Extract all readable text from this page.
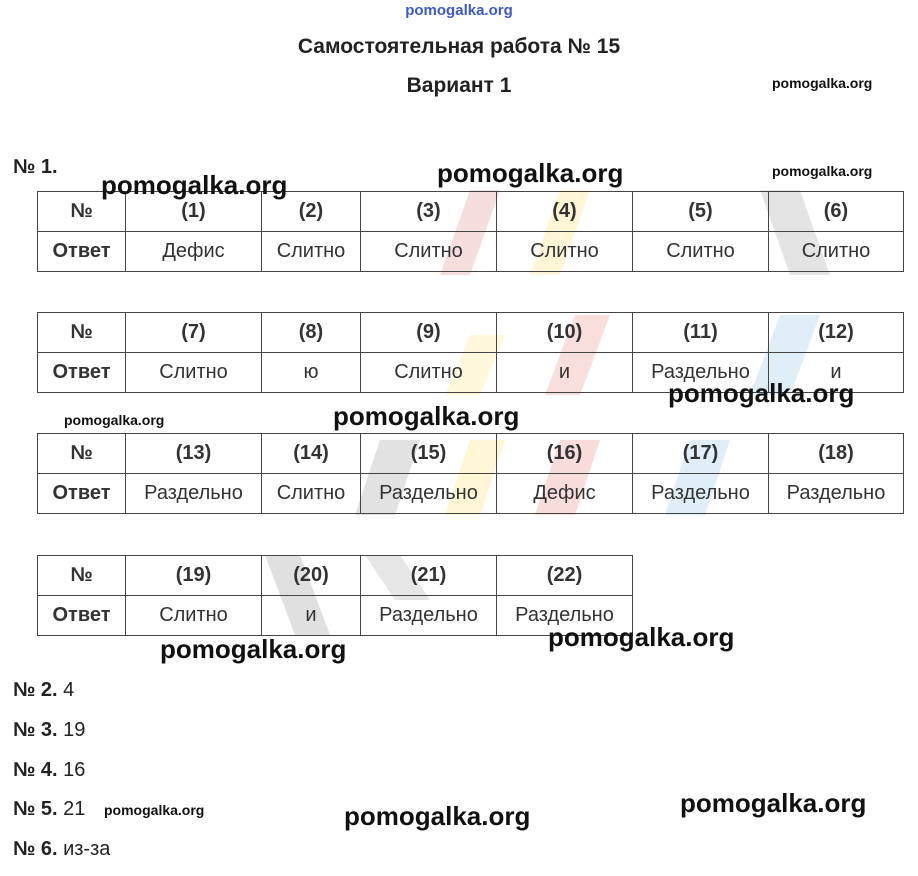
pomogalka.org
Самостоятельная работа № 15
Вариант 1	pomogalka.org
№ 1.	pomogalka.org
№	(1)	(2)	(3)	(4)	(5)	(6)
Ответ	Дефис	Слитно	Слитно	Слитно	Слитно	Слитно
№	(7)	(8)	(9)	(10)	(11)	(12)
Ответ	Слитно	ю	Слитно	и	Раздельно	и
№	(13)	(14)	(15)	(16)	(17)	(18)
Ответ	Раздельно	Слитно	Раздельно	Дефис	Раздельно	Раздельно
№	(19)	(20)	(21)	(22)
Ответ	Слитно	и	Раздельно	Раздельно
pomogalka.org	pomogalka.org
pomogalka.org
pomogalka.org	pomogalka.org
pomogalka.org	pomogalka.org
№ 2. 4
№ 3. 19
№ 4. 16
№ 5. 21 pomogalka.org
№ 6. из-за
pomogalka.org
pomogalka.org
